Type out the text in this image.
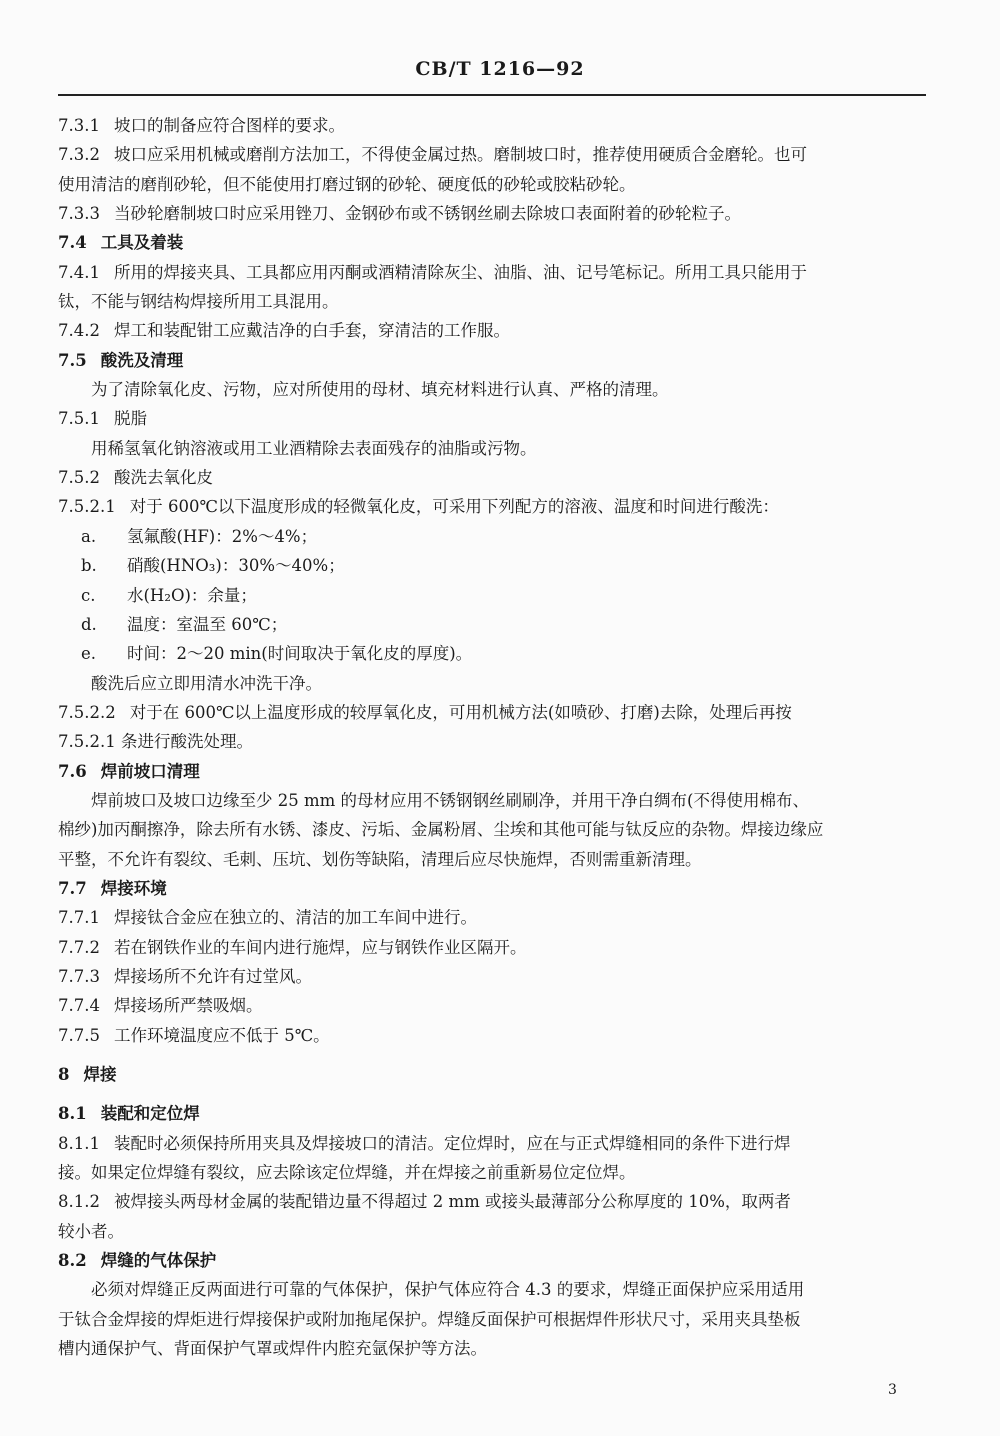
CB/T 1216—92
7.3.1 坡口的制备应符合图样的要求。
7.3.2 坡口应采用机械或磨削方法加工，不得使金属过热。磨制坡口时，推荐使用硬质合金磨轮。也可
使用清洁的磨削砂轮，但不能使用打磨过钢的砂轮、硬度低的砂轮或胶粘砂轮。
7.3.3 当砂轮磨制坡口时应采用锉刀、金钢砂布或不锈钢丝刷去除坡口表面附着的砂轮粒子。
7.4 工具及着装
7.4.1 所用的焊接夹具、工具都应用丙酮或酒精清除灰尘、油脂、油、记号笔标记。所用工具只能用于
钛，不能与钢结构焊接所用工具混用。
7.4.2 焊工和装配钳工应戴洁净的白手套，穿清洁的工作服。
7.5 酸洗及清理
为了清除氧化皮、污物，应对所使用的母材、填充材料进行认真、严格的清理。
7.5.1 脱脂
用稀氢氧化钠溶液或用工业酒精除去表面残存的油脂或污物。
7.5.2 酸洗去氧化皮
7.5.2.1 对于 600℃以下温度形成的轻微氧化皮，可采用下列配方的溶液、温度和时间进行酸洗：
a. 氢氟酸(HF)：2%～4%；
b. 硝酸(HNO₃)：30%～40%；
c. 水(H₂O)：余量；
d. 温度：室温至 60℃；
e. 时间：2～20 min(时间取决于氧化皮的厚度)。
酸洗后应立即用清水冲洗干净。
7.5.2.2 对于在 600℃以上温度形成的较厚氧化皮，可用机械方法(如喷砂、打磨)去除，处理后再按
7.5.2.1 条进行酸洗处理。
7.6 焊前坡口清理
焊前坡口及坡口边缘至少 25 mm 的母材应用不锈钢钢丝刷刷净，并用干净白绸布(不得使用棉布、
棉纱)加丙酮擦净，除去所有水锈、漆皮、污垢、金属粉屑、尘埃和其他可能与钛反应的杂物。焊接边缘应
平整，不允许有裂纹、毛刺、压坑、划伤等缺陷，清理后应尽快施焊，否则需重新清理。
7.7 焊接环境
7.7.1 焊接钛合金应在独立的、清洁的加工车间中进行。
7.7.2 若在钢铁作业的车间内进行施焊，应与钢铁作业区隔开。
7.7.3 焊接场所不允许有过堂风。
7.7.4 焊接场所严禁吸烟。
7.7.5 工作环境温度应不低于 5℃。
8 焊接
8.1 装配和定位焊
8.1.1 装配时必须保持所用夹具及焊接坡口的清洁。定位焊时，应在与正式焊缝相同的条件下进行焊
接。如果定位焊缝有裂纹，应去除该定位焊缝，并在焊接之前重新易位定位焊。
8.1.2 被焊接头两母材金属的装配错边量不得超过 2 mm 或接头最薄部分公称厚度的 10%，取两者
较小者。
8.2 焊缝的气体保护
必须对焊缝正反两面进行可靠的气体保护，保护气体应符合 4.3 的要求，焊缝正面保护应采用适用
于钛合金焊接的焊炬进行焊接保护或附加拖尾保护。焊缝反面保护可根据焊件形状尺寸，采用夹具垫板
槽内通保护气、背面保护气罩或焊件内腔充氩保护等方法。
3
